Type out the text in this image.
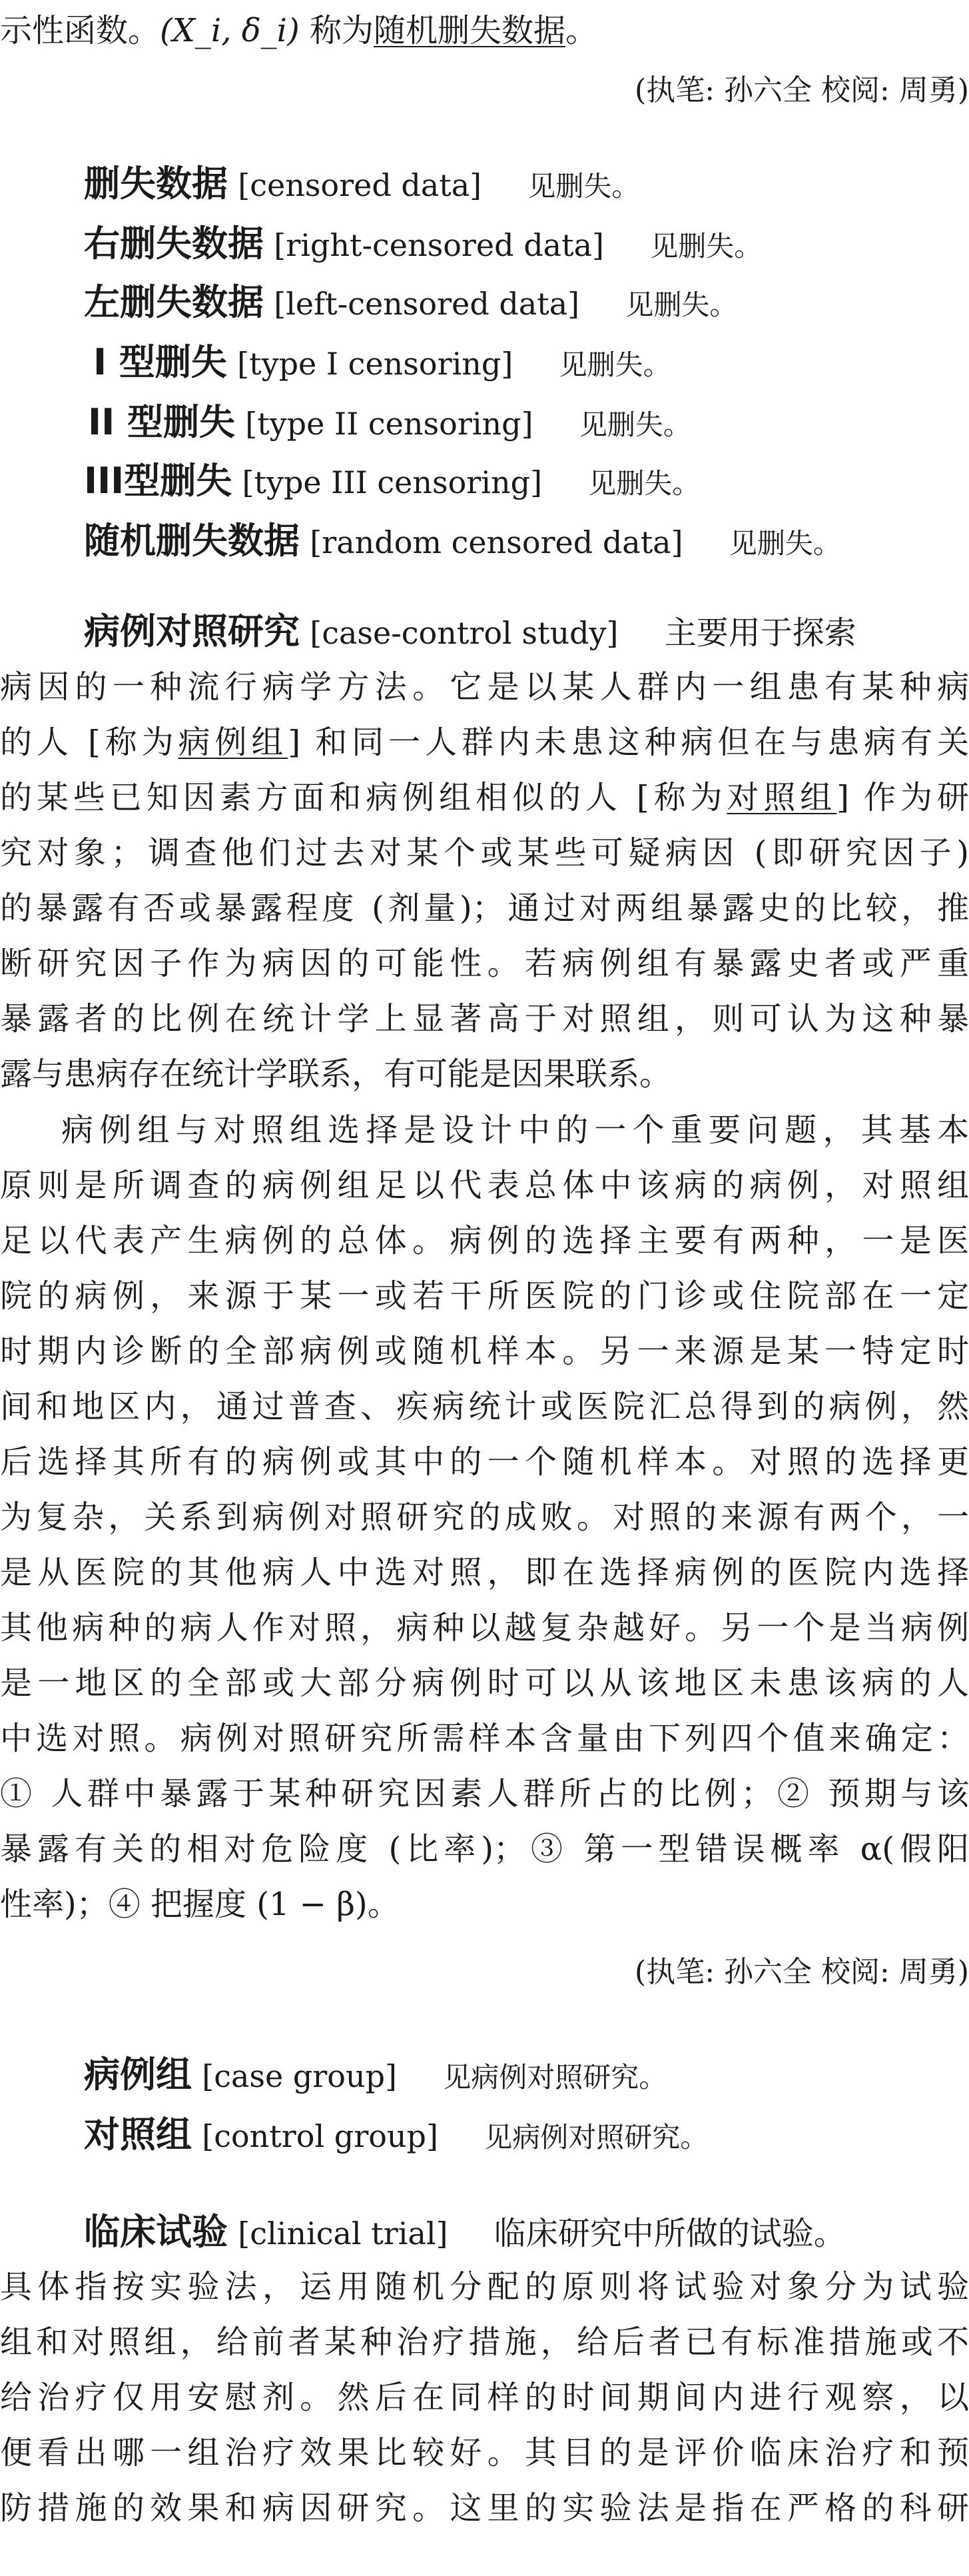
示性函数。(X_i, δ_i) 称为随机删失数据。
(执笔: 孙六全 校阅: 周勇)
删失数据 [censored data] 见删失。
右删失数据 [right-censored data] 见删失。
左删失数据 [left-censored data] 见删失。
I 型删失 [type I censoring] 见删失。
II 型删失 [type II censoring] 见删失。
III型删失 [type III censoring] 见删失。
随机删失数据 [random censored data] 见删失。
病例对照研究 [case-control study] 主要用于探索
病因的一种流行病学方法。它是以某人群内一组患有某种病
的人 [称为病例组] 和同一人群内未患这种病但在与患病有关
的某些已知因素方面和病例组相似的人 [称为对照组] 作为研
究对象；调查他们过去对某个或某些可疑病因 (即研究因子)
的暴露有否或暴露程度 (剂量)；通过对两组暴露史的比较，推
断研究因子作为病因的可能性。若病例组有暴露史者或严重
暴露者的比例在统计学上显著高于对照组，则可认为这种暴
露与患病存在统计学联系，有可能是因果联系。
病例组与对照组选择是设计中的一个重要问题，其基本
原则是所调查的病例组足以代表总体中该病的病例，对照组
足以代表产生病例的总体。病例的选择主要有两种，一是医
院的病例，来源于某一或若干所医院的门诊或住院部在一定
时期内诊断的全部病例或随机样本。另一来源是某一特定时
间和地区内，通过普查、疾病统计或医院汇总得到的病例，然
后选择其所有的病例或其中的一个随机样本。对照的选择更
为复杂，关系到病例对照研究的成败。对照的来源有两个，一
是从医院的其他病人中选对照，即在选择病例的医院内选择
其他病种的病人作对照，病种以越复杂越好。另一个是当病例
是一地区的全部或大部分病例时可以从该地区未患该病的人
中选对照。病例对照研究所需样本含量由下列四个值来确定：
① 人群中暴露于某种研究因素人群所占的比例；② 预期与该
暴露有关的相对危险度 (比率)；③ 第一型错误概率 α(假阳
性率)；④ 把握度 (1 − β)。
(执笔: 孙六全 校阅: 周勇)
病例组 [case group] 见病例对照研究。
对照组 [control group] 见病例对照研究。
临床试验 [clinical trial] 临床研究中所做的试验。
具体指按实验法，运用随机分配的原则将试验对象分为试验
组和对照组，给前者某种治疗措施，给后者已有标准措施或不
给治疗仅用安慰剂。然后在同样的时间期间内进行观察，以
便看出哪一组治疗效果比较好。其目的是评价临床治疗和预
防措施的效果和病因研究。这里的实验法是指在严格的科研
